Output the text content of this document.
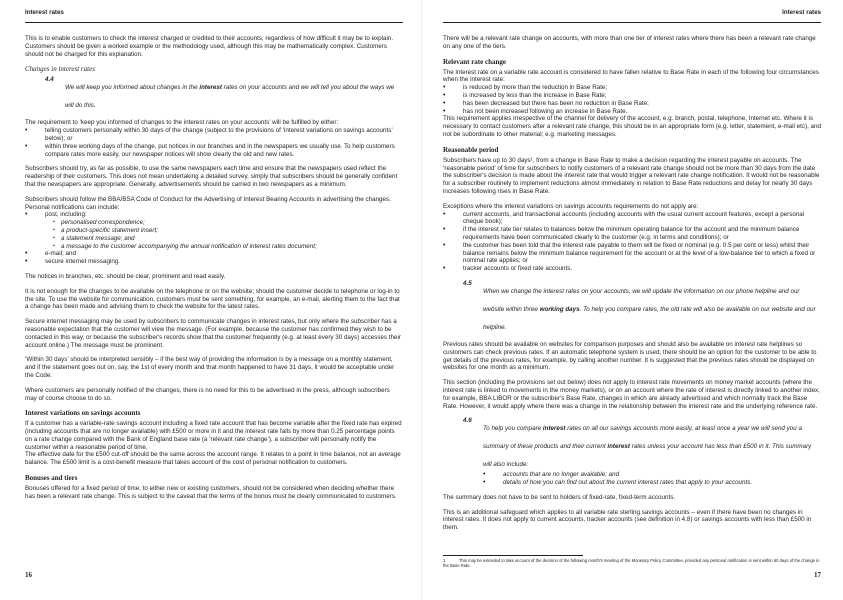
Interest rates

This is to enable customers to check the interest charged or credited to their accounts, regardless of how difficult it may be to explain. Customers should be given a worked example or the methodology used, although this may be mathematically complex. Customers should not be charged for this explanation.

Changes in interest rates

4.4
We will keep you informed about changes in the interest rates on your accounts and we will tell you about the ways we will do this.

The requirement to ‘keep you informed of changes to the interest rates on your accounts’ will be fulfilled by either:

• telling customers personally within 30 days of the change (subject to the provisions of ‘interest variations on savings accounts’ below); or
• within three working days of the change, put notices in our branches and in the newspapers we usually use. To help customers compare rates more easily, our newspaper notices will show clearly the old and new rates.

Subscribers should try, as far as possible, to use the same newspapers each time and ensure that the newspapers used reflect the readership of their customers. This does not mean undertaking a detailed survey, simply that subscribers should be generally confident that the newspapers are appropriate. Generally, advertisements should be carried in two newspapers as a minimum.

Subscribers should follow the BBA/BSA Code of Conduct for the Advertising of Interest Bearing Accounts in advertising the changes. Personal notifications can include:

• post, including:
▪ personalised correspondence;
▪ a product-specific statement insert;
▪ a statement message; and
▪ a message to the customer accompanying the annual notification of interest rates document;
• e-mail; and
• secure internet messaging.

The notices in branches, etc. should be clear, prominent and read easily.

It is not enough for the changes to be available on the telephone or on the website; should the customer decide to telephone or log-in to the site. To use the website for communication, customers must be sent something, for example, an e-mail, alerting them to the fact that a change has been made and advising them to check the website for the latest rates.

Secure internet messaging may be used by subscribers to communicate changes in interest rates, but only where the subscriber has a reasonable expectation that the customer will view the message. (For example, because the customer has confirmed they wish to be contacted in this way, or because the subscriber's records show that the customer frequently (e.g. at least every 30 days) accesses their account online.) The message must be prominent.

‘Within 30 days’ should be interpreted sensibly – if the best way of providing the information is by a message on a monthly statement, and if the statement goes out on, say, the 1st of every month and that month happened to have 31 days, it would be acceptable under the Code.

Where customers are personally notified of the changes, there is no need for this to be advertised in the press, although subscribers may of course choose to do so.

Interest variations on savings accounts

If a customer has a variable-rate savings account including a fixed rate account that has become variable after the fixed rate has expired (including accounts that are no longer available) with £500 or more in it and the interest rate falls by more than 0.25 percentage points on a rate change compared with the Bank of England base rate (a ‘relevant rate change’), a subscriber will personally notify the customer within a reasonable period of time.

The effective date for the £500 cut-off should be the same across the account range. It relates to a point in time balance, not an average balance. The £500 limit is a cost-benefit measure that takes account of the cost of personal notification to customers.

Bonuses and tiers

Bonuses offered for a fixed period of time, to either new or existing customers, should not be considered when deciding whether there has been a relevant rate change. This is subject to the caveat that the terms of the bonus must be clearly communicated to customers.

16
Interest rates

There will be a relevant rate change on accounts, with more than one tier of interest rates where there has been a relevant rate change on any one of the tiers.

Relevant rate change

The interest rate on a variable rate account is considered to have fallen relative to Base Rate in each of the following four circumstances when the interest rate:

• is reduced by more than the reduction in Base Rate;
• is increased by less than the increase in Base Rate;
• has been decreased but there has been no reduction in Base Rate;
• has not been increased following an increase in Base Rate.

This requirement applies irrespective of the channel for delivery of the account, e.g. branch, postal, telephone, Internet etc. Where it is necessary to contact customers after a relevant rate change, this should be in an appropriate form (e.g. letter, statement, e-mail etc), and not be subordinate to other material; e.g. marketing messages.

Reasonable period

Subscribers have up to 30 days¹, from a change in Base Rate to make a decision regarding the interest payable on accounts. The ‘reasonable period’ of time for subscribers to notify customers of a relevant rate change should not be more than 30 days from the date the subscriber's decision is made about the interest rate that would trigger a relevant rate change notification. It would not be reasonable for a subscriber routinely to implement reductions almost immediately in relation to Base Rate reductions and delay for nearly 30 days increases following rises in Base Rate.

Exceptions where the interest variations on savings accounts requirements do not apply are:

• current accounts, and transactional accounts (including accounts with the usual current account features, except a personal cheque book);
• if the interest rate tier relates to balances below the minimum operating balance for the account and the minimum balance requirements have been communicated clearly to the customer (e.g. in terms and conditions); or
• the customer has been told that the interest rate payable to them will be fixed or nominal (e.g. 0.5 per cent or less) whilst their balance remains below the minimum balance requirement for the account or at the level of a low-balance tier to which a fixed or nominal rate applies; or
• tracker accounts or fixed rate accounts.
4.5
When we change the interest rates on your accounts, we will update the information on our phone helpline and our website within three working days. To help you compare rates, the old rate will also be available on our website and our helpline.

Previous rates should be available on websites for comparison purposes and should also be available on interest rate helplines so customers can check previous rates. If an automatic telephone system is used, there should be an option for the customer to be able to get details of the previous rates, for example, by calling another number. It is suggested that the previous rates should be displayed on websites for one month as a minimum.

This section (including the provisions set out below) does not apply to interest rate movements on money market accounts (where the interest rate is linked to movements in the money markets), or on an account where the rate of interest is directly linked to another index, for example, BBA LIBOR or the subscriber's Base Rate, changes in which are already advertised and which normally track the Base Rate. However, it would apply where there was a change in the relationship between the interest rate and the underlying reference rate.

4.6
To help you compare interest rates on all our savings accounts more easily, at least once a year we will send you a summary of these products and their current interest rates unless your account has less than £500 in it. This summary will also include:
• accounts that are no longer available; and
• details of how you can find out about the current interest rates that apply to your accounts.

The summary does not have to be sent to holders of fixed-rate, fixed-term accounts.

This is an additional safeguard which applies to all variable rate sterling savings accounts – even if there have been no changes in interest rates. It does not apply to current accounts, tracker accounts (see definition in 4.8) or savings accounts with less than £500 in them.

1	This may be extended to take account of the decision of the following month's meeting of the Monetary Policy Committee, provided any personal notification is sent within 60 days of the change in the Base Rate.
17
